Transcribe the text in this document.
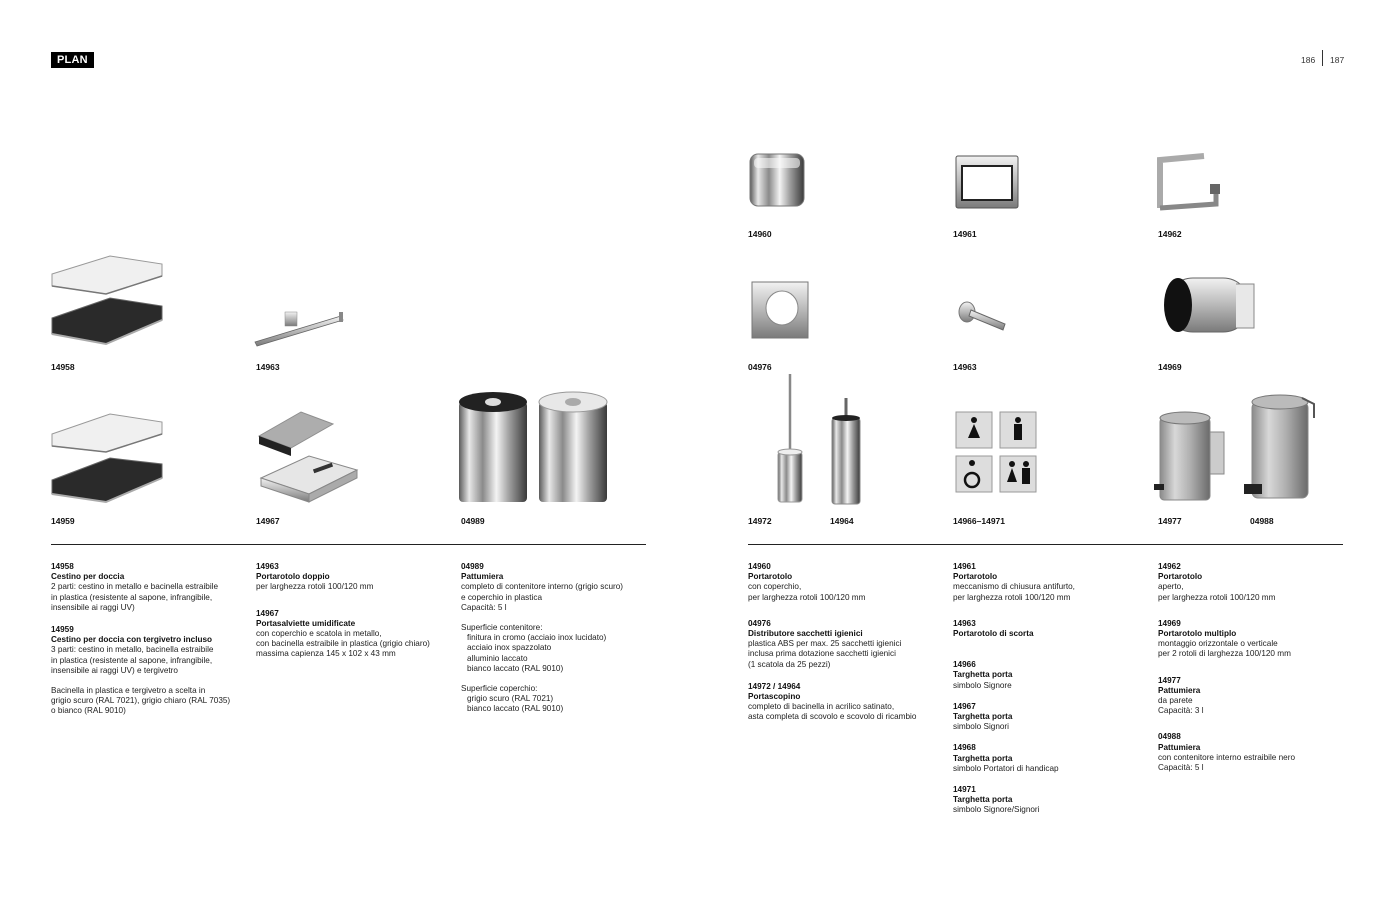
PLAN	186 187
14958	14963
14959	14967	04989
14960	14961	14962
04976	14963	14969
14972	14964	14966–14971	14977	04988
14958
Cestino per doccia
2 parti: cestino in metallo e bacinella estraibile
in plastica (resistente al sapone, infrangibile,
insensibile ai raggi UV)
14959
Cestino per doccia con tergivetro incluso
3 parti: cestino in metallo, bacinella estraibile
in plastica (resistente al sapone, infrangibile,
insensibile ai raggi UV) e tergivetro
Bacinella in plastica e tergivetro a scelta in
grigio scuro (RAL 7021), grigio chiaro (RAL 7035)
o bianco (RAL 9010)
14963
Portarotolo doppio
per larghezza rotoli 100/120 mm
14967
Portasalviette umidificate
con coperchio e scatola in metallo,
con bacinella estraibile in plastica (grigio chiaro)
massima capienza 145 x 102 x 43 mm
04989
Pattumiera
completo di contenitore interno (grigio scuro)
e coperchio in plastica
Capacità: 5 l
Superficie contenitore:
finitura in cromo (acciaio inox lucidato)
acciaio inox spazzolato
alluminio laccato
bianco laccato (RAL 9010)
Superficie coperchio:
grigio scuro (RAL 7021)
bianco laccato (RAL 9010)
14960
Portarotolo
con coperchio,
per larghezza rotoli 100/120 mm
04976
Distributore sacchetti igienici
plastica ABS per max. 25 sacchetti igienici
inclusa prima dotazione sacchetti igienici
(1 scatola da 25 pezzi)
14972 / 14964
Portascopino
completo di bacinella in acrilico satinato,
asta completa di scovolo e scovolo di ricambio
14961
Portarotolo
meccanismo di chiusura antifurto,
per larghezza rotoli 100/120 mm
14963
Portarotolo di scorta
14966
Targhetta porta
simbolo Signore
14967
Targhetta porta
simbolo Signori
14968
Targhetta porta
simbolo Portatori di handicap
14971
Targhetta porta
simbolo Signore/Signori
14962
Portarotolo
aperto,
per larghezza rotoli 100/120 mm
14969
Portarotolo multiplo
montaggio orizzontale o verticale
per 2 rotoli di larghezza 100/120 mm
14977
Pattumiera
da parete
Capacità: 3 l
04988
Pattumiera
con contenitore interno estraibile nero
Capacità: 5 l
